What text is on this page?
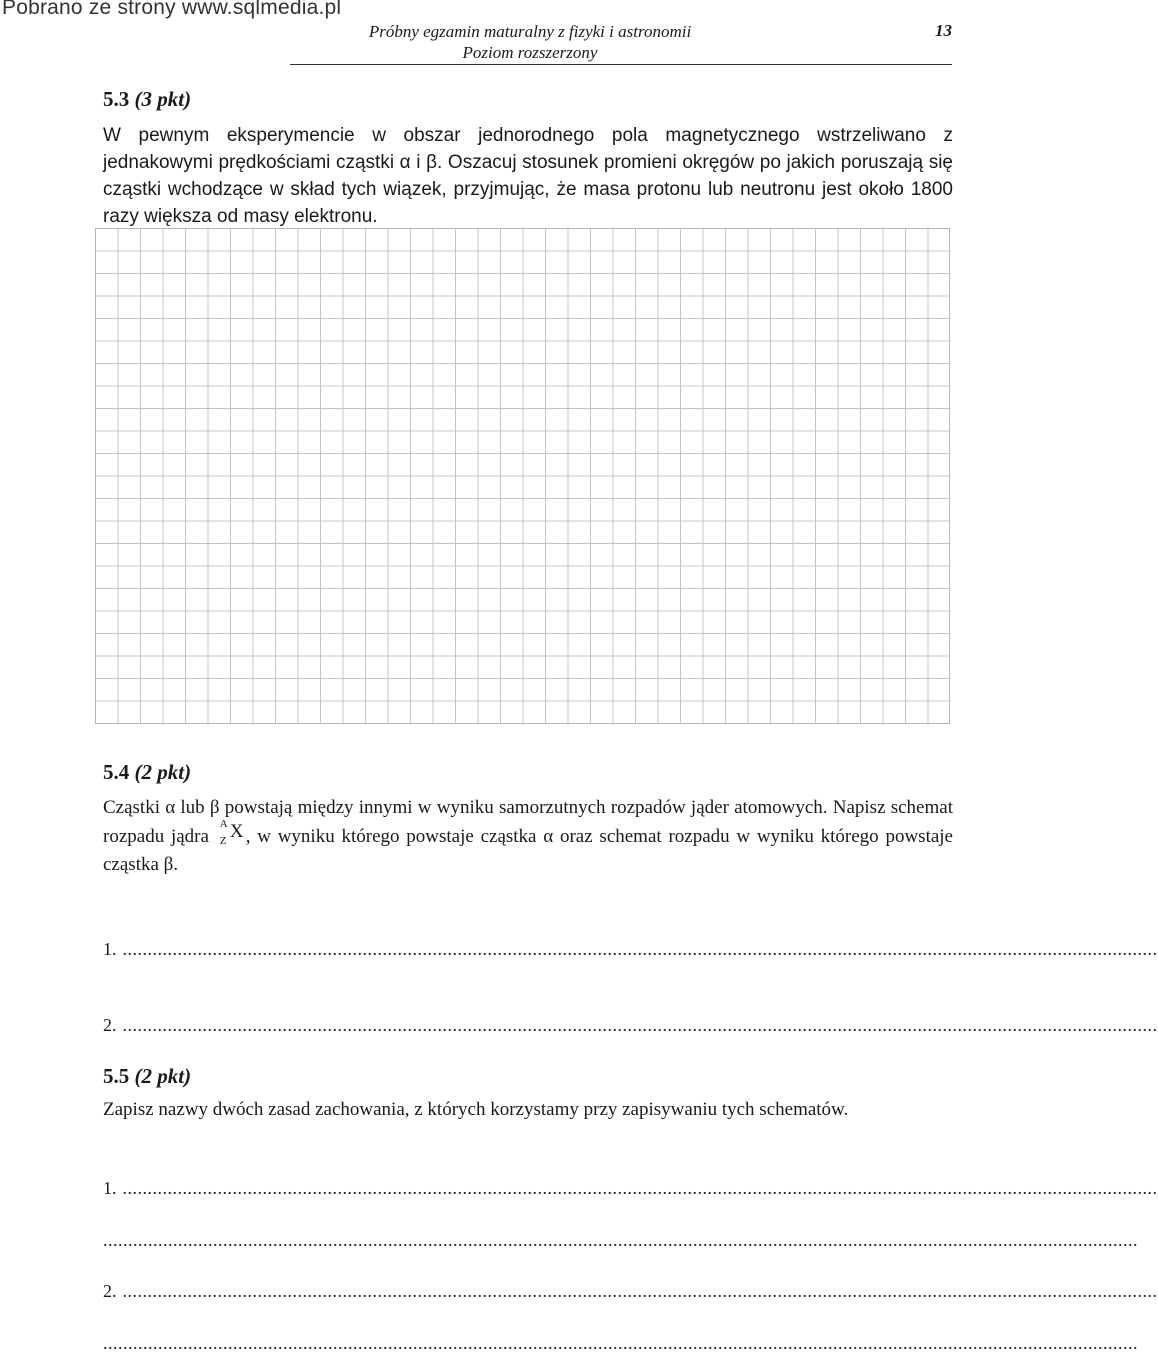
Pobrano ze strony www.sqlmedia.pl
Próbny egzamin maturalny z fizyki i astronomii
Poziom rozszerzony
13
5.3 (3 pkt)
W pewnym eksperymencie w obszar jednorodnego pola magnetycznego wstrzeliwano z jednakowymi prędkościami cząstki α i β. Oszacuj stosunek promieni okręgów po jakich poruszają się cząstki wchodzące w skład tych wiązek, przyjmując, że masa protonu lub neutronu jest około 1800 razy większa od masy elektronu.
5.4 (2 pkt)
Cząstki α lub β powstają między innymi w wyniku samorzutnych rozpadów jąder atomowych. Napisz schemat rozpadu jądra
A
Z X , w wyniku którego powstaje cząstka α oraz schemat rozpadu w wyniku którego powstaje cząstka β.
1. ...............................................................................................................................................................................................................
2. ...............................................................................................................................................................................................................
5.5 (2 pkt)
Zapisz nazwy dwóch zasad zachowania, z których korzystamy przy zapisywaniu tych schematów.
1. ...............................................................................................................................................................................................................
...............................................................................................................................................................................................................
2. ...............................................................................................................................................................................................................
...............................................................................................................................................................................................................
